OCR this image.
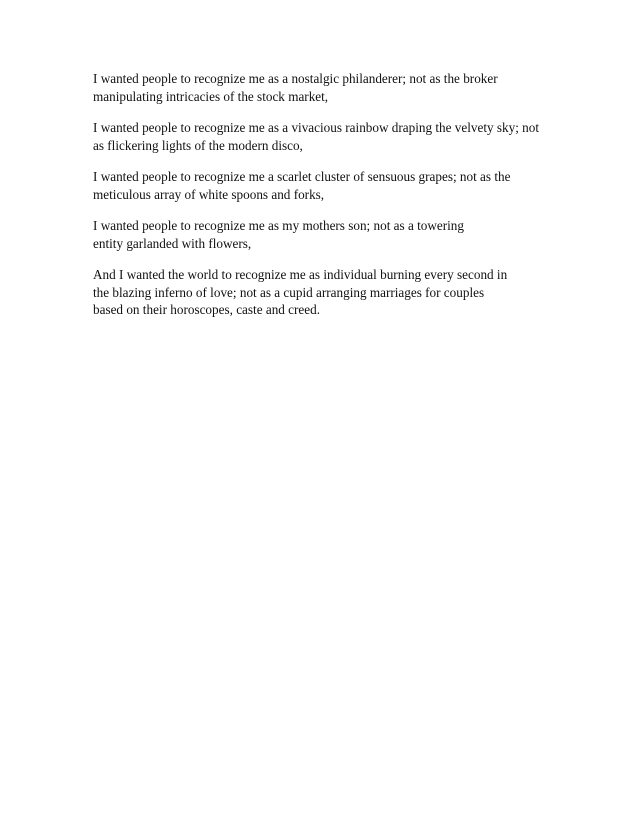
I wanted people to recognize me as a nostalgic philanderer; not as the broker
manipulating intricacies of the stock market,
I wanted people to recognize me as a vivacious rainbow draping the velvety sky; not
as flickering lights of the modern disco,
I wanted people to recognize me a scarlet cluster of sensuous grapes; not as the
meticulous array of white spoons and forks,
I wanted people to recognize me as my mothers son; not as a towering
entity garlanded with flowers,
And I wanted the world to recognize me as individual burning every second in
the blazing inferno of love; not as a cupid arranging marriages for couples
based on their horoscopes, caste and creed.
